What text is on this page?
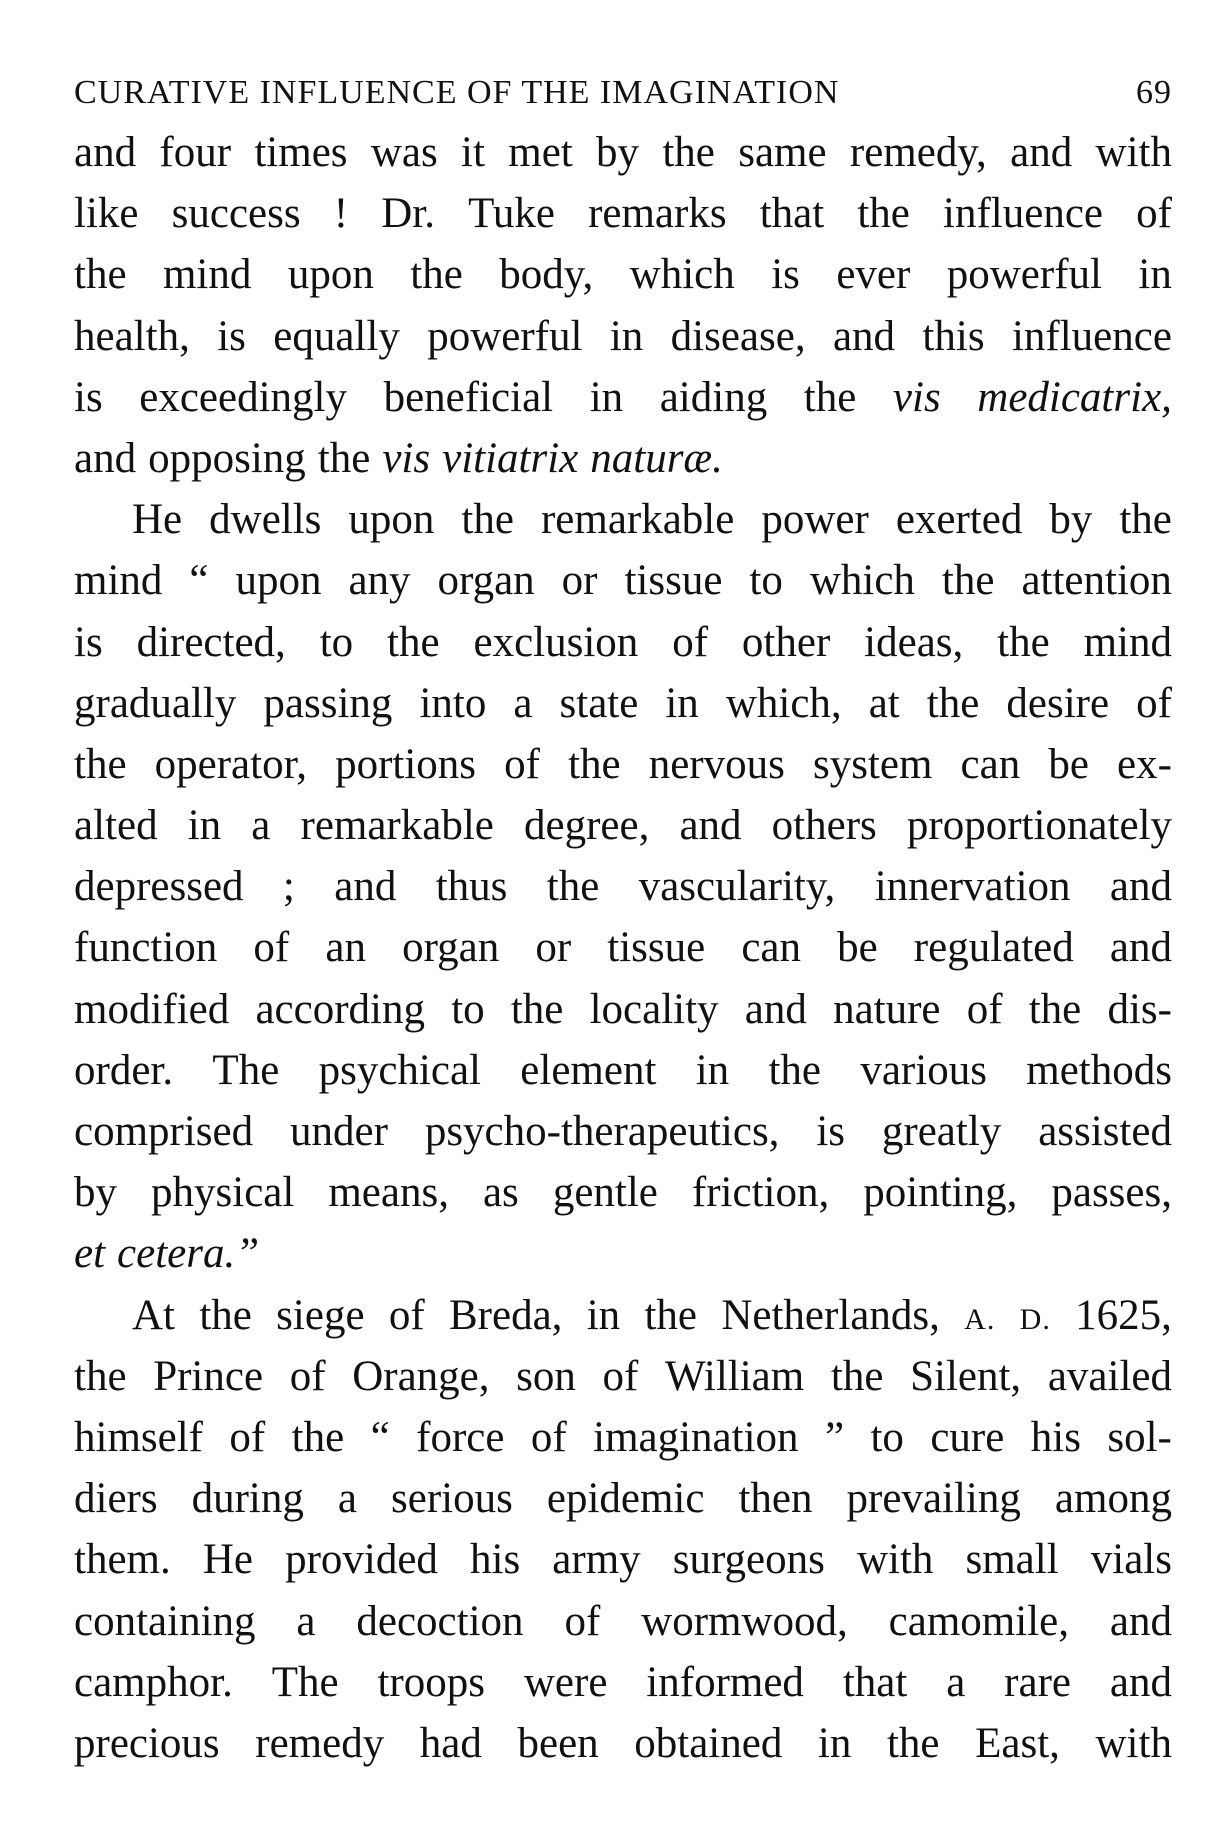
CURATIVE INFLUENCE OF THE IMAGINATION	69
and four times was it met by the same remedy, and with
like success ! Dr. Tuke remarks that the influence of
the mind upon the body, which is ever powerful in
health, is equally powerful in disease, and this influence
is exceedingly beneficial in aiding the vis medicatrix,
and opposing the vis vitiatrix naturæ.
He dwells upon the remarkable power exerted by the
mind “ upon any organ or tissue to which the attention
is directed, to the exclusion of other ideas, the mind
gradually passing into a state in which, at the desire of
the operator, portions of the nervous system can be ex-
alted in a remarkable degree, and others proportionately
depressed ; and thus the vascularity, innervation and
function of an organ or tissue can be regulated and
modified according to the locality and nature of the dis-
order. The psychical element in the various methods
comprised under psycho-therapeutics, is greatly assisted
by physical means, as gentle friction, pointing, passes,
et cetera.”
At the siege of Breda, in the Netherlands, A. D. 1625,
the Prince of Orange, son of William the Silent, availed
himself of the “ force of imagination ” to cure his sol-
diers during a serious epidemic then prevailing among
them. He provided his army surgeons with small vials
containing a decoction of wormwood, camomile, and
camphor. The troops were informed that a rare and
precious remedy had been obtained in the East, with
